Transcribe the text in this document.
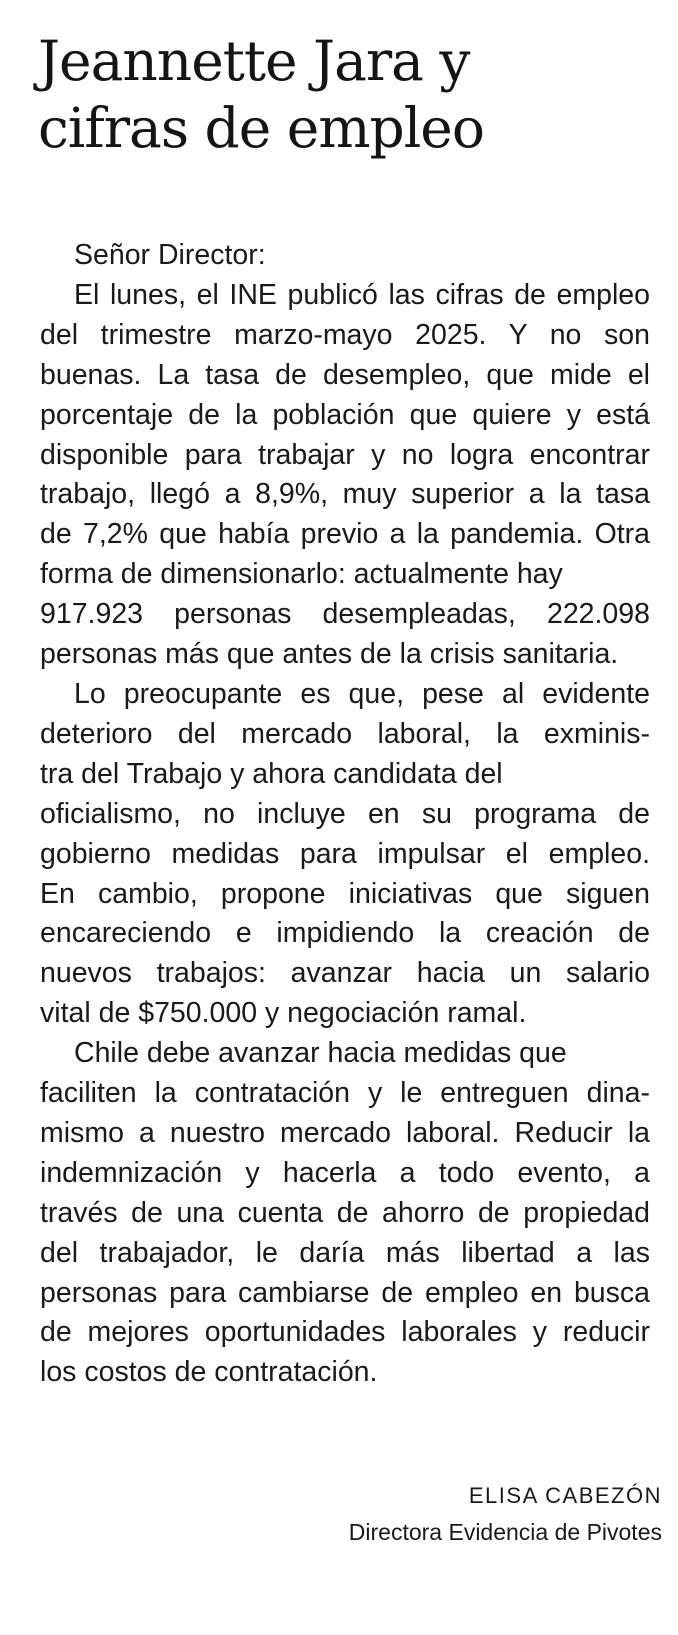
Jeannette Jara y
cifras de empleo
Señor Director:
El lunes, el INE publicó las cifras de empleo
del trimestre marzo-mayo 2025. Y no son
buenas. La tasa de desempleo, que mide el
porcentaje de la población que quiere y está
disponible para trabajar y no logra encontrar
trabajo, llegó a 8,9%, muy superior a la tasa
de 7,2% que había previo a la pandemia. Otra
forma de dimensionarlo: actualmente hay
917.923 personas desempleadas, 222.098
personas más que antes de la crisis sanitaria.
Lo preocupante es que, pese al evidente
deterioro del mercado laboral, la exminis-
tra del Trabajo y ahora candidata del
oficialismo, no incluye en su programa de
gobierno medidas para impulsar el empleo.
En cambio, propone iniciativas que siguen
encareciendo e impidiendo la creación de
nuevos trabajos: avanzar hacia un salario
vital de $750.000 y negociación ramal.
Chile debe avanzar hacia medidas que
faciliten la contratación y le entreguen dina-
mismo a nuestro mercado laboral. Reducir la
indemnización y hacerla a todo evento, a
través de una cuenta de ahorro de propiedad
del trabajador, le daría más libertad a las
personas para cambiarse de empleo en busca
de mejores oportunidades laborales y reducir
los costos de contratación.
ELISA CABEZÓN
Directora Evidencia de Pivotes
